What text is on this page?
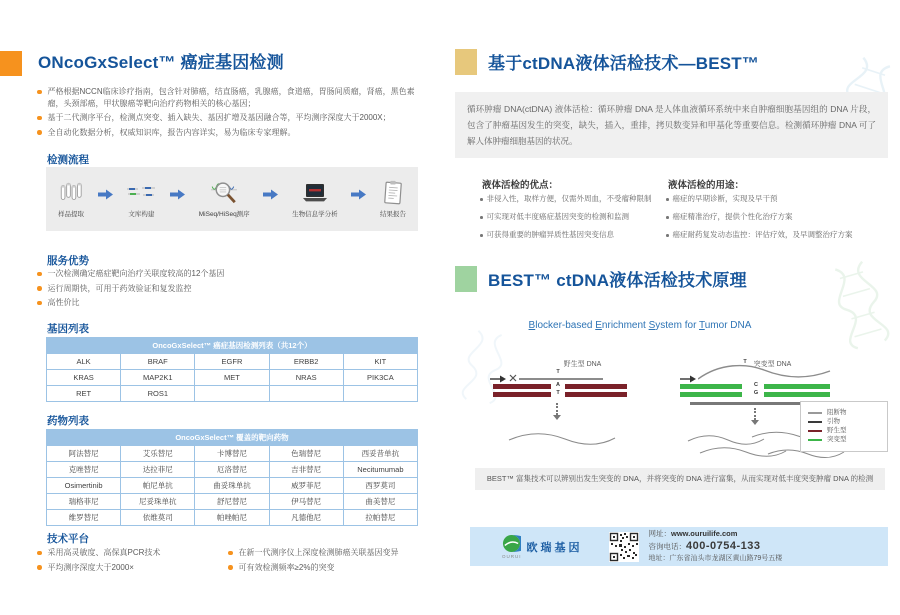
ONcoGxSelect™ 癌症基因检测
严格根据NCCN临床诊疗指南，包含针对肺癌，结直肠癌，乳腺癌，食道癌，胃肠间质瘤，肾癌，黑色素瘤，头颈部癌，甲状腺癌等靶向治疗药物相关的核心基因；
基于二代测序平台，检测点突变、插入缺失、基因扩增及基因融合等，平均测序深度大于2000X；
全自动化数据分析，权威知识库，报告内容详实，易为临床专家理解。
检测流程
样品提取	文库构建	MiSeq/HiSeq测序	生物信息学分析	结果报告
服务优势
一次检测确定癌症靶向治疗关联度较高的12个基因
运行周期快，可用于药效验证和复发监控
高性价比
基因列表
OncoGxSelect™ 癌症基因检测列表（共12个）				
ALK	BRAF	EGFR	ERBB2	KIT
KRAS	MAP2K1	MET	NRAS	PIK3CA
RET	ROS1			
药物列表
OncoGxSelect™ 覆盖的靶向药物				
阿法替尼	艾乐替尼	卡博替尼	色瑞替尼	西妥昔单抗
克唑替尼	达拉菲尼	厄洛替尼	吉非替尼	Necitumumab
Osimertinib	帕尼单抗	曲妥珠单抗	威罗菲尼	西罗莫司
瑞格菲尼	尼妥珠单抗	舒尼替尼	伊马替尼	曲美替尼
维罗替尼	依维莫司	帕唑帕尼	凡德他尼	拉帕替尼
技术平台
采用高灵敏度、高保真PCR技术
平均测序深度大于2000×
在新一代测序仪上深度检测肺癌关联基因变异
可有效检测频率≥2%的突变
基于ctDNA液体活检技术—BEST™
循环肿瘤 DNA(ctDNA) 液体活检：循环肿瘤 DNA 是人体血液循环系统中来自肿瘤细胞基因组的 DNA 片段，包含了肿瘤基因发生的突变，缺失，插入，重排，拷贝数变异和甲基化等重要信息。检测循环肿瘤 DNA 可了解人体肿瘤细胞基因的状况。
液体活检的优点：
非侵入性，取样方便，仅需外周血，不受瘤种限制
可实现对低丰度癌症基因突变的检测和监测
可获得重要的肿瘤异质性基因突变信息
液体活检的用途：
癌症的早期诊断，实现及早干预
癌症精准治疗，提供个性化治疗方案
癌症耐药复发动态监控：评估疗效，及早调整治疗方案
BEST™ ctDNA液体活检技术原理
Blocker-based Enrichment System for Tumor DNA
野生型 DNA
T
A
T
突变型 DNA
T
C
G
阻断物
引物
野生型
突变型
BEST™ 富集技术可以辨别出发生突变的 DNA，并将突变的 DNA 进行富集，从而实现对低丰度突变肿瘤 DNA 的检测
OURUI
欧瑞基因
网址：www.ouruilife.com
咨询电话：400-0754-133
地址：广东省汕头市龙湖区黄山路79号五楼
